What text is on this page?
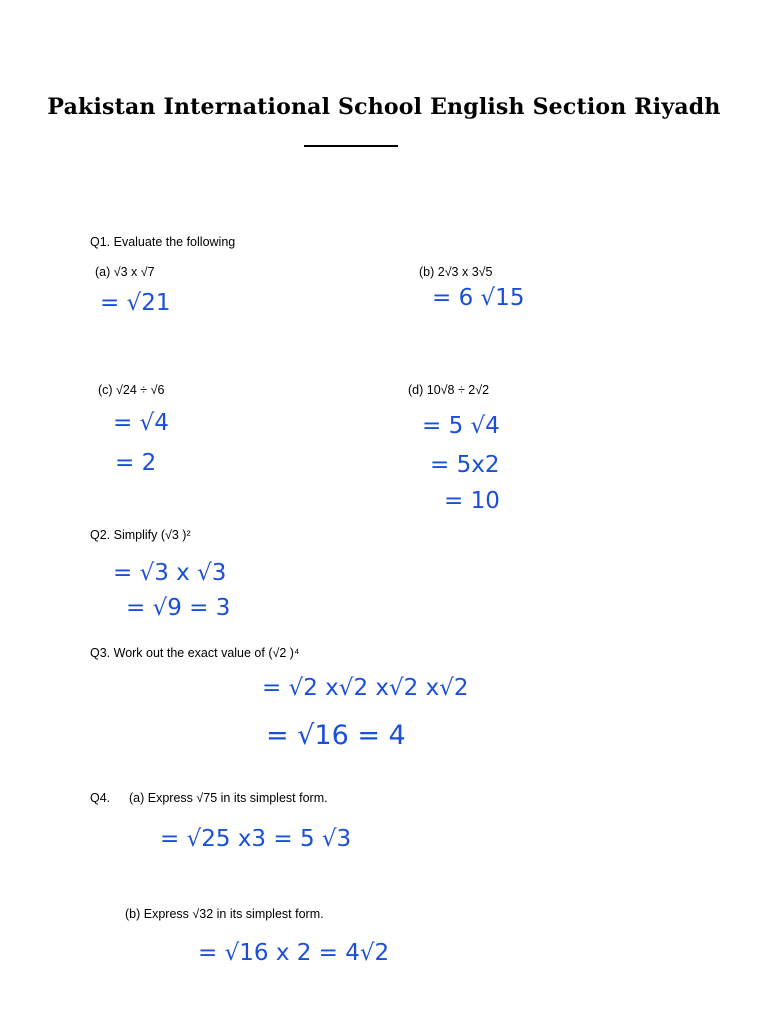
Pakistan International School English Section Riyadh
Q1. Evaluate the following
(a) √3 x √7
= √21
(b) 2√3 x 3√5
= 6 √15
(c) √24 ÷ √6
= √4
= 2
(d) 10√8 ÷ 2√2
= 5 √4
= 5x2
= 10
Q2. Simplify (√3 )²
= √3 x √3
= √9 = 3
Q3. Work out the exact value of (√2 )⁴
= √2 x√2 x√2 x√2
= √16 = 4
Q4. (a) Express √75 in its simplest form.
= √25 x3 = 5 √3
(b) Express √32 in its simplest form.
= √16 x 2 = 4√2
